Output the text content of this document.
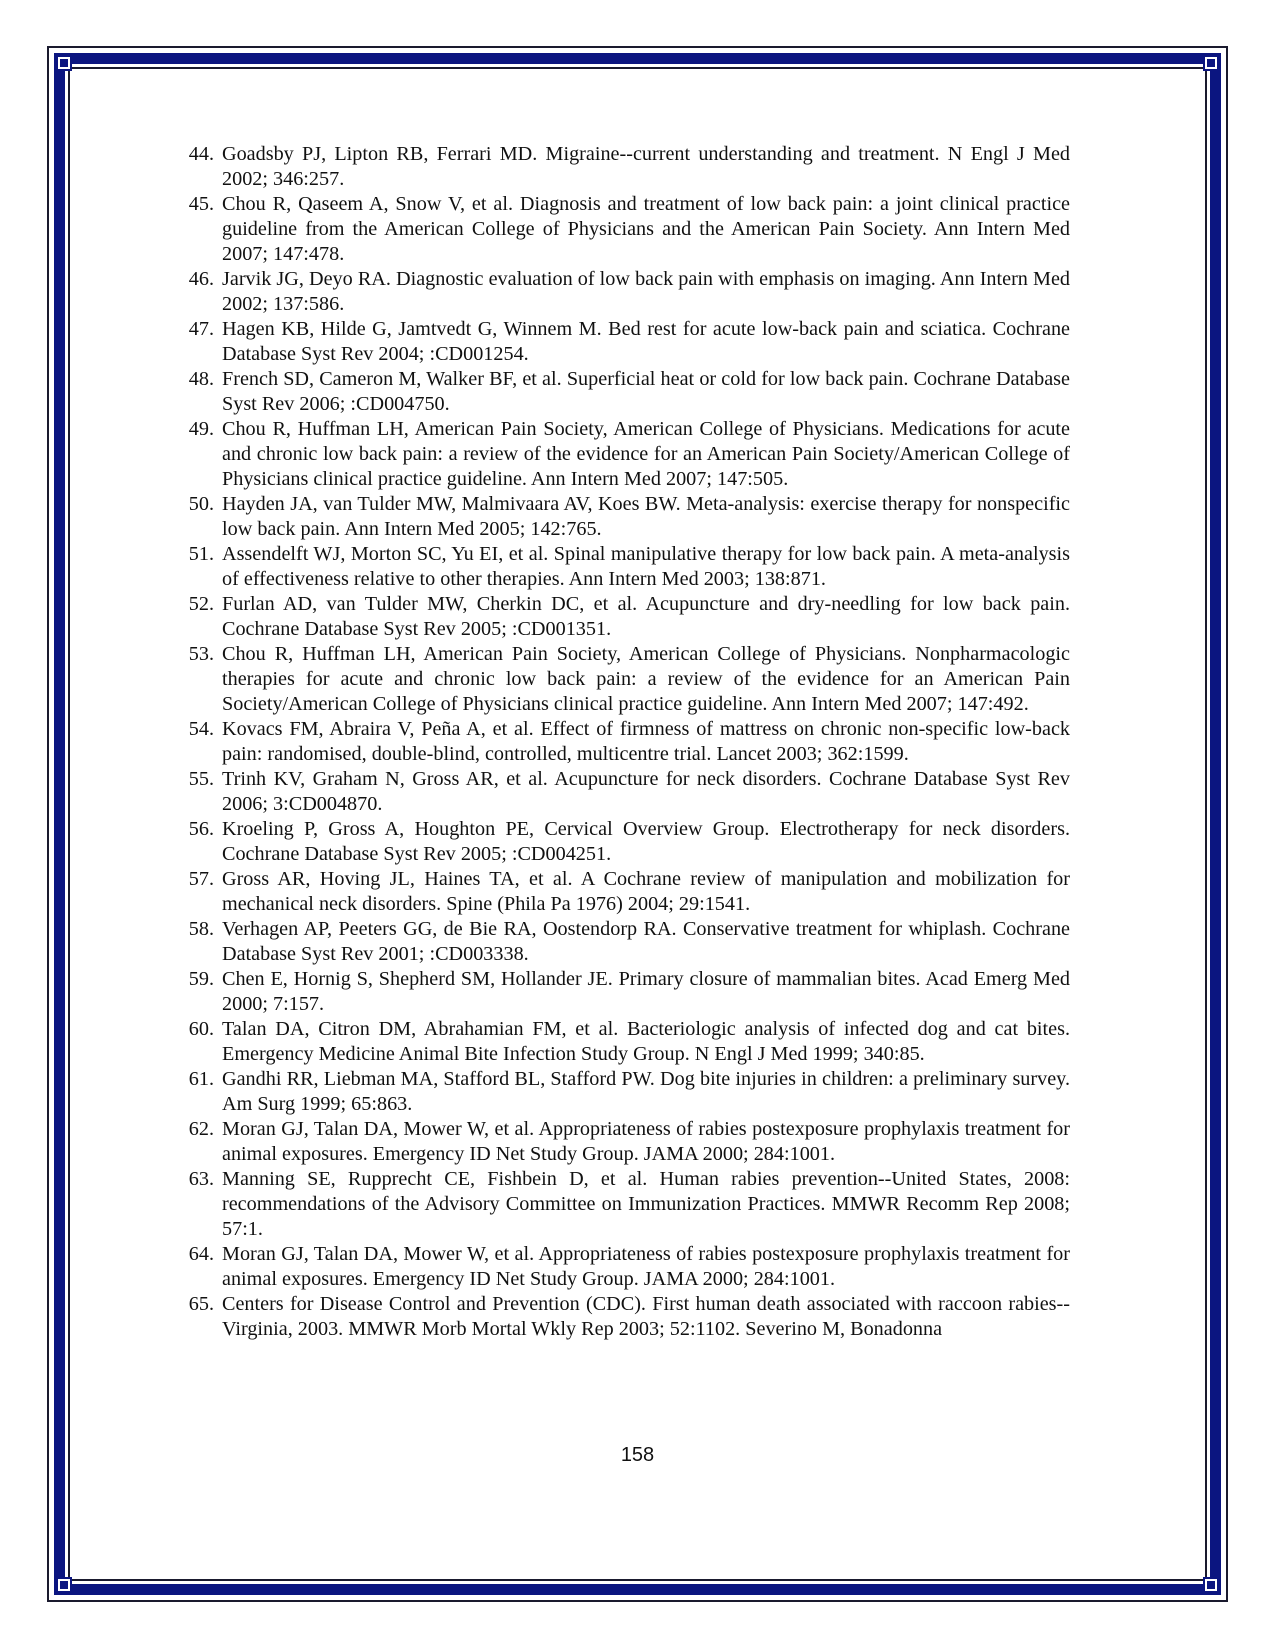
44. Goadsby PJ, Lipton RB, Ferrari MD. Migraine--current understanding and treatment. N Engl J Med 2002; 346:257.
45. Chou R, Qaseem A, Snow V, et al. Diagnosis and treatment of low back pain: a joint clinical practice guideline from the American College of Physicians and the American Pain Society. Ann Intern Med 2007; 147:478.
46. Jarvik JG, Deyo RA. Diagnostic evaluation of low back pain with emphasis on imaging. Ann Intern Med 2002; 137:586.
47. Hagen KB, Hilde G, Jamtvedt G, Winnem M. Bed rest for acute low-back pain and sciatica. Cochrane Database Syst Rev 2004; :CD001254.
48. French SD, Cameron M, Walker BF, et al. Superficial heat or cold for low back pain. Cochrane Database Syst Rev 2006; :CD004750.
49. Chou R, Huffman LH, American Pain Society, American College of Physicians. Medications for acute and chronic low back pain: a review of the evidence for an American Pain Society/American College of Physicians clinical practice guideline. Ann Intern Med 2007; 147:505.
50. Hayden JA, van Tulder MW, Malmivaara AV, Koes BW. Meta-analysis: exercise therapy for nonspecific low back pain. Ann Intern Med 2005; 142:765.
51. Assendelft WJ, Morton SC, Yu EI, et al. Spinal manipulative therapy for low back pain. A meta-analysis of effectiveness relative to other therapies. Ann Intern Med 2003; 138:871.
52. Furlan AD, van Tulder MW, Cherkin DC, et al. Acupuncture and dry-needling for low back pain. Cochrane Database Syst Rev 2005; :CD001351.
53. Chou R, Huffman LH, American Pain Society, American College of Physicians. Nonpharmacologic therapies for acute and chronic low back pain: a review of the evidence for an American Pain Society/American College of Physicians clinical practice guideline. Ann Intern Med 2007; 147:492.
54. Kovacs FM, Abraira V, Peña A, et al. Effect of firmness of mattress on chronic non-specific low-back pain: randomised, double-blind, controlled, multicentre trial. Lancet 2003; 362:1599.
55. Trinh KV, Graham N, Gross AR, et al. Acupuncture for neck disorders. Cochrane Database Syst Rev 2006; 3:CD004870.
56. Kroeling P, Gross A, Houghton PE, Cervical Overview Group. Electrotherapy for neck disorders. Cochrane Database Syst Rev 2005; :CD004251.
57. Gross AR, Hoving JL, Haines TA, et al. A Cochrane review of manipulation and mobilization for mechanical neck disorders. Spine (Phila Pa 1976) 2004; 29:1541.
58. Verhagen AP, Peeters GG, de Bie RA, Oostendorp RA. Conservative treatment for whiplash. Cochrane Database Syst Rev 2001; :CD003338.
59. Chen E, Hornig S, Shepherd SM, Hollander JE. Primary closure of mammalian bites. Acad Emerg Med 2000; 7:157.
60. Talan DA, Citron DM, Abrahamian FM, et al. Bacteriologic analysis of infected dog and cat bites. Emergency Medicine Animal Bite Infection Study Group. N Engl J Med 1999; 340:85.
61. Gandhi RR, Liebman MA, Stafford BL, Stafford PW. Dog bite injuries in children: a preliminary survey. Am Surg 1999; 65:863.
62. Moran GJ, Talan DA, Mower W, et al. Appropriateness of rabies postexposure prophylaxis treatment for animal exposures. Emergency ID Net Study Group. JAMA 2000; 284:1001.
63. Manning SE, Rupprecht CE, Fishbein D, et al. Human rabies prevention--United States, 2008: recommendations of the Advisory Committee on Immunization Practices. MMWR Recomm Rep 2008; 57:1.
64. Moran GJ, Talan DA, Mower W, et al. Appropriateness of rabies postexposure prophylaxis treatment for animal exposures. Emergency ID Net Study Group. JAMA 2000; 284:1001.
65. Centers for Disease Control and Prevention (CDC). First human death associated with raccoon rabies--Virginia, 2003. MMWR Morb Mortal Wkly Rep 2003; 52:1102. Severino M, Bonadonna
158
